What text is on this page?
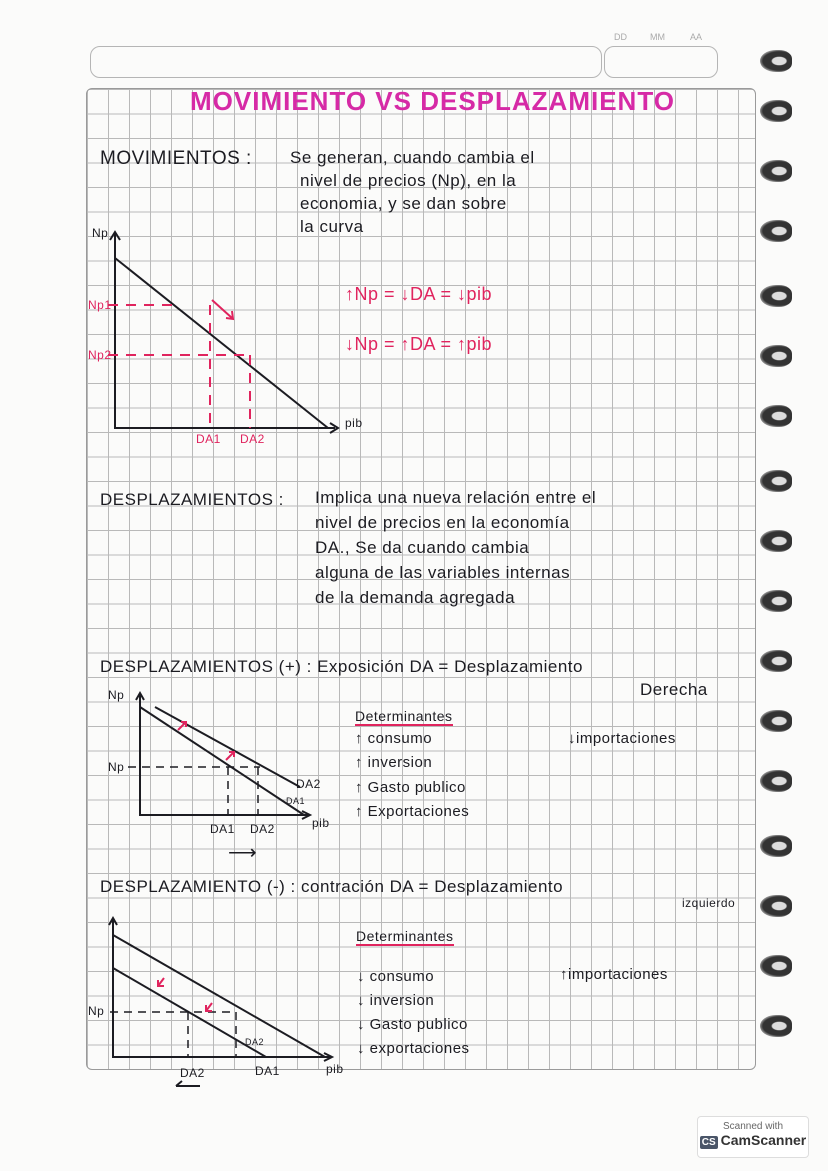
DD	MM	AA
MOVIMIENTO VS DESPLAZAMIENTO
MOVIMIENTOS : Se generan, cuando cambia el
nivel de precios (Np), en la
economia, y se dan sobre
la curva
Np
Np1
Np2
pib
DA1 DA2
↑Np = ↓DA = ↓pib
↓Np = ↑DA = ↑pib
DESPLAZAMIENTOS : Implica una nueva relación entre el
nivel de precios en la economía
DA., Se da cuando cambia
alguna de las variables internas
de la demanda agregada
DESPLAZAMIENTOS (+) : Exposición DA = Desplazamiento
Derecha
Np
Np
DA2
DA1
DA1 DA2	pib
⟶
Determinantes
↑ consumo
↑ inversion
↑ Gasto publico
↑ Exportaciones
↓importaciones
DESPLAZAMIENTO (-) : contración DA = Desplazamiento
izquierdo
Determinantes
↓ consumo
↓ inversion
↓ Gasto publico
↓ exportaciones
↑importaciones
Np
DA2
DA2	DA1	pib
Scanned with
CS CamScanner
